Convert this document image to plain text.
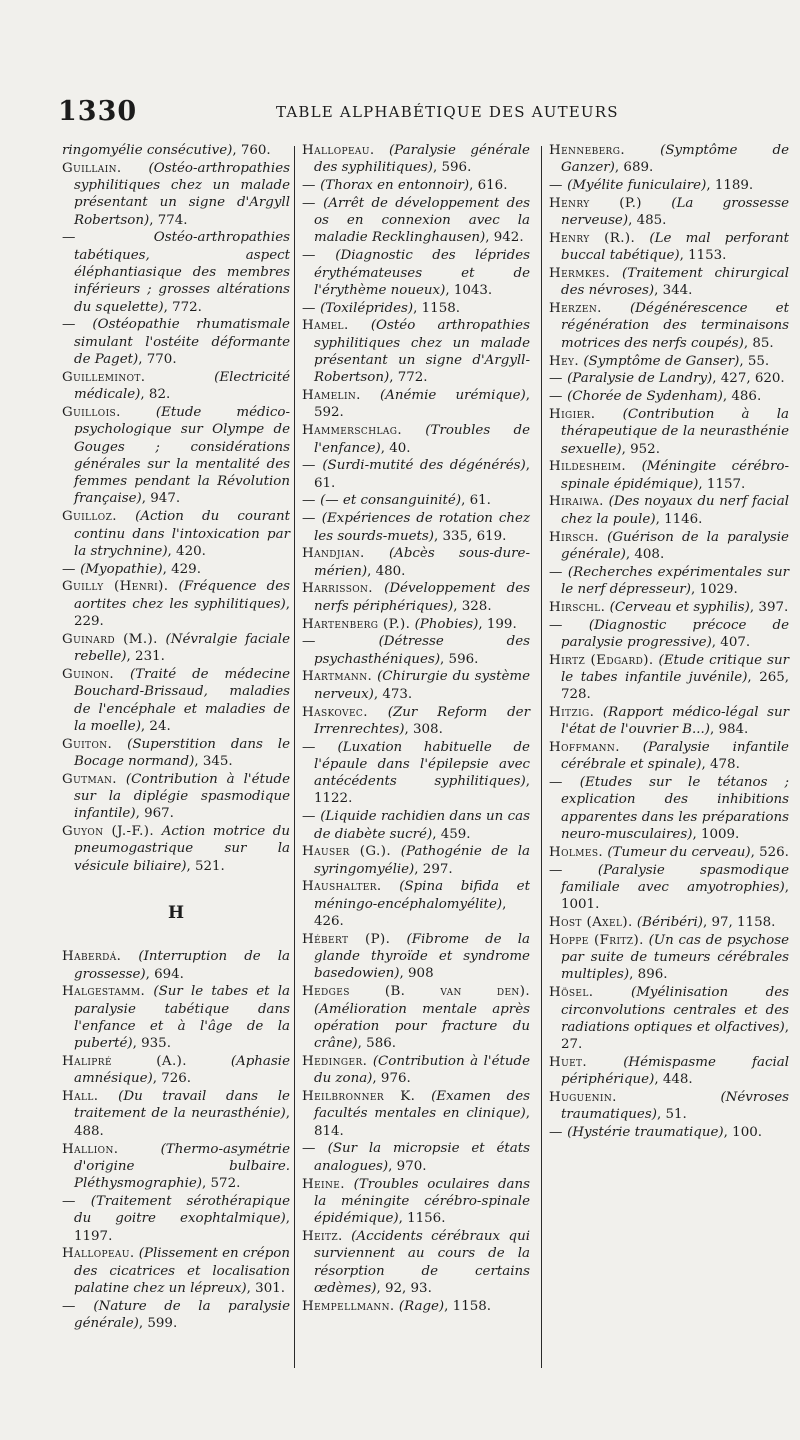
1330	TABLE ALPHABÉTIQUE DES AUTEURS
ringomyélie consécutive), 760.
Guillain. (Ostéo-arthropathies syphilitiques chez un malade présentant un signe d'Argyll Robertson), 774.
—	Ostéo-arthropathies tabétiques, aspect éléphantiasique des membres inférieurs ; grosses altérations du squelette), 772.
— (Ostéopathie rhumatismale simulant l'ostéite déformante de Paget), 770.
Guilleminot.	(Electricité médicale), 82.
Guillois.	(Etude médico-psychologique sur Olympe de Gouges ; considérations générales sur la mentalité des femmes pendant la Révolution française), 947.
Guilloz. (Action du courant continu dans l'intoxication par la strychnine), 420.
— (Myopathie), 429.
Guilly (Henri). (Fréquence des aortites chez les syphilitiques), 229.
Guinard (M.). (Névralgie faciale rebelle), 231.
Guinon. (Traité de médecine Bouchard-Brissaud, maladies de l'encéphale et maladies de la moelle), 24.
Guiton. (Superstition dans le Bocage normand), 345.
Gutman. (Contribution à l'étude sur la diplégie spasmodique infantile), 967.
Guyon (J.-F.). Action motrice du pneumogastrique sur la vésicule biliaire), 521.
H
Haberdá. (Interruption de la grossesse), 694.
Halgestamm. (Sur le tabes et la paralysie tabétique dans l'enfance et à l'âge de la puberté), 935.
Halipré (A.).	(Aphasie amnésique), 726.
Hall. (Du travail dans le traitement de la neurasthénie), 488.
Hallion.	(Thermo-asymétrie d'origine bulbaire. Pléthysmographie), 572.
— (Traitement sérothérapique du goitre exophtalmique), 1197.
Hallopeau. (Plissement en crépon des cicatrices et localisation palatine chez un lépreux), 301.
— (Nature de la paralysie générale), 599.
Hallopeau. (Paralysie générale des syphilitiques), 596.
— (Thorax en entonnoir), 616.
— (Arrêt de développement des os en connexion avec la maladie Recklinghausen), 942.
— (Diagnostic des léprides érythémateuses et de l'érythème noueux), 1043.
— (Toxiléprides), 1158.
Hamel. (Ostéo arthropathies syphilitiques chez un malade présentant un signe d'Argyll-Robertson), 772.
Hamelin. (Anémie urémique), 592.
Hammerschlag. (Troubles de l'enfance), 40.
— (Surdi-mutité des dégénérés), 61.
— (— et consanguinité), 61.
— (Expériences de rotation chez les sourds-muets), 335, 619.
Handjian. (Abcès sous-dure-mérien), 480.
Harrisson. (Développement des nerfs périphériques), 328.
Hartenberg (P.). (Phobies), 199.
—	(Détresse des psychasthéniques), 596.
Hartmann. (Chirurgie du système nerveux), 473.
Haskovec. (Zur Reform der Irrenrechtes), 308.
— (Luxation habituelle de l'épaule dans l'épilepsie avec antécédents syphilitiques), 1122.
— (Liquide rachidien dans un cas de diabète sucré), 459.
Hauser (G.). (Pathogénie de la syringomyélie), 297.
Haushalter. (Spina bifida et méningo-encéphalomyélite), 426.
Hébert (P). (Fibrome de la glande thyroïde et syndrome basedowien), 908
Hedges (B. van den). (Amélioration mentale après opération pour fracture du crâne), 586.
Hedinger. (Contribution à l'étude du zona), 976.
Heilbronner K. (Examen des facultés mentales en clinique), 814.
— (Sur la micropsie et états analogues), 970.
Heine. (Troubles oculaires dans la méningite cérébro-spinale épidémique), 1156.
Heitz. (Accidents cérébraux qui surviennent au cours de la résorption de certains œdèmes), 92, 93.
Hempellmann. (Rage), 1158.
Henneberg.	(Symptôme de Ganzer), 689.
— (Myélite funiculaire), 1189.
Henry (P.) (La grossesse nerveuse), 485.
Henry (R.). (Le mal perforant buccal tabétique), 1153.
Hermkes. (Traitement chirurgical des névroses), 344.
Herzen. (Dégénérescence et régénération des terminaisons motrices des nerfs coupés), 85.
Hey. (Symptôme de Ganser), 55.
— (Paralysie de Landry), 427, 620.
— (Chorée de Sydenham), 486.
Higier. (Contribution à la thérapeutique de la neurasthénie sexuelle), 952.
Hildesheim. (Méningite cérébro-spinale épidémique), 1157.
Hiraiwa. (Des noyaux du nerf facial chez la poule), 1146.
Hirsch. (Guérison de la paralysie générale), 408.
— (Recherches expérimentales sur le nerf dépresseur), 1029.
Hirschl. (Cerveau et syphilis), 397.
— (Diagnostic précoce de paralysie progressive), 407.
Hirtz (Edgard). (Etude critique sur le tabes infantile juvénile), 265, 728.
Hitzig. (Rapport médico-légal sur l'état de l'ouvrier B...), 984.
Hoffmann. (Paralysie infantile cérébrale et spinale), 478.
— (Etudes sur le tétanos ; explication des inhibitions apparentes dans les préparations neuro-musculaires), 1009.
Holmes. (Tumeur du cerveau), 526.
—	(Paralysie spasmodique familiale avec amyotrophies), 1001.
Host (Axel). (Béribéri), 97, 1158.
Hoppe (Fritz). (Un cas de psychose par suite de tumeurs cérébrales multiples), 896.
Hösel.	(Myélinisation des circonvolutions centrales et des radiations optiques et olfactives), 27.
Huet.	(Hémispasme facial périphérique), 448.
Huguenin.	(Névroses traumatiques), 51.
— (Hystérie traumatique), 100.
